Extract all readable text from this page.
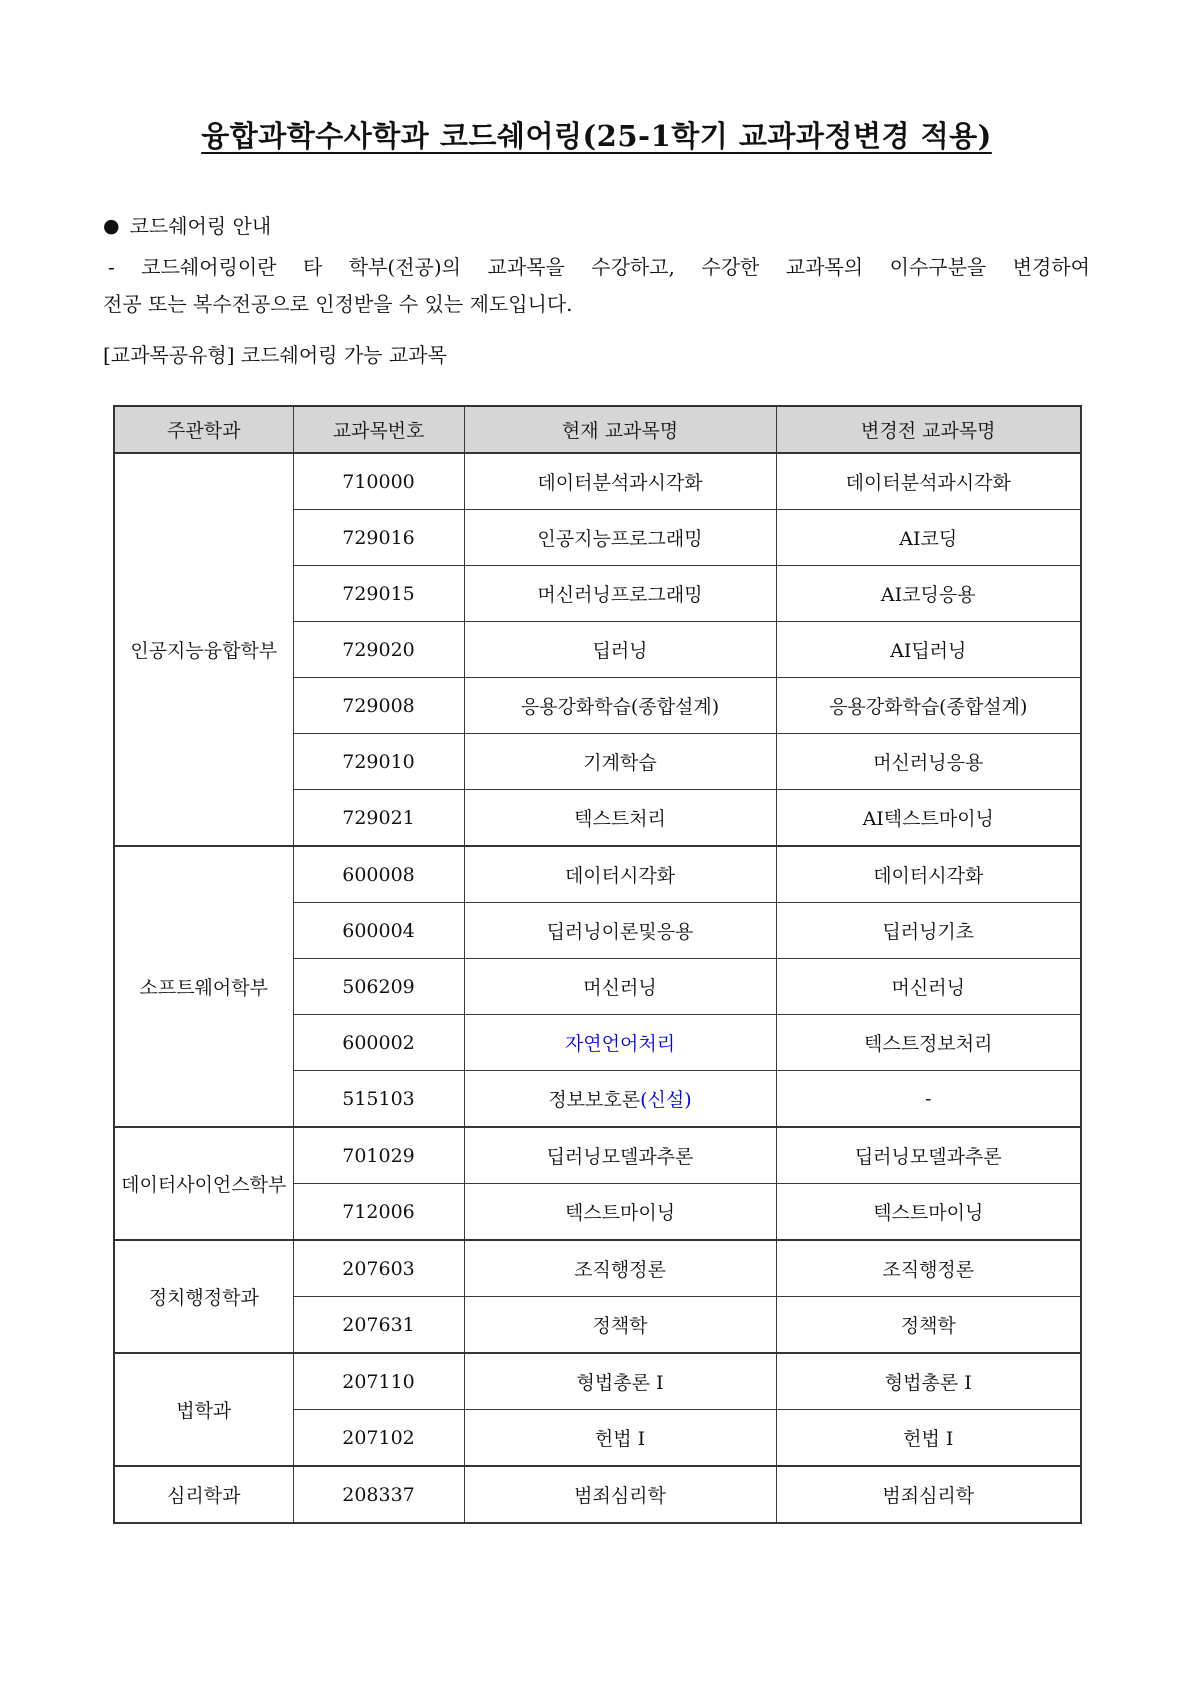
융합과학수사학과 코드쉐어링(25-1학기 교과과정변경 적용)
● 코드쉐어링 안내
- 코드쉐어링이란 타 학부(전공)의 교과목을 수강하고, 수강한 교과목의 이수구분을 변경하여
전공 또는 복수전공으로 인정받을 수 있는 제도입니다.
[교과목공유형] 코드쉐어링 가능 교과목
주관학과	교과목번호	현재 교과목명	변경전 교과목명
인공지능융합학부	710000	데이터분석과시각화	데이터분석과시각화
	729016	인공지능프로그래밍	AI코딩
	729015	머신러닝프로그래밍	AI코딩응용
	729020	딥러닝	AI딥러닝
	729008	응용강화학습(종합설계)	응용강화학습(종합설계)
	729010	기계학습	머신러닝응용
	729021	텍스트처리	AI텍스트마이닝
소프트웨어학부	600008	데이터시각화	데이터시각화
	600004	딥러닝이론및응용	딥러닝기초
	506209	머신러닝	머신러닝
	600002	자연언어처리	텍스트정보처리
	515103	정보보호론(신설)	-
데이터사이언스학부	701029	딥러닝모델과추론	딥러닝모델과추론
	712006	텍스트마이닝	텍스트마이닝
정치행정학과	207603	조직행정론	조직행정론
	207631	정책학	정책학
법학과	207110	형법총론 I	형법총론 I
	207102	헌법 I	헌법 I
심리학과	208337	범죄심리학	범죄심리학
